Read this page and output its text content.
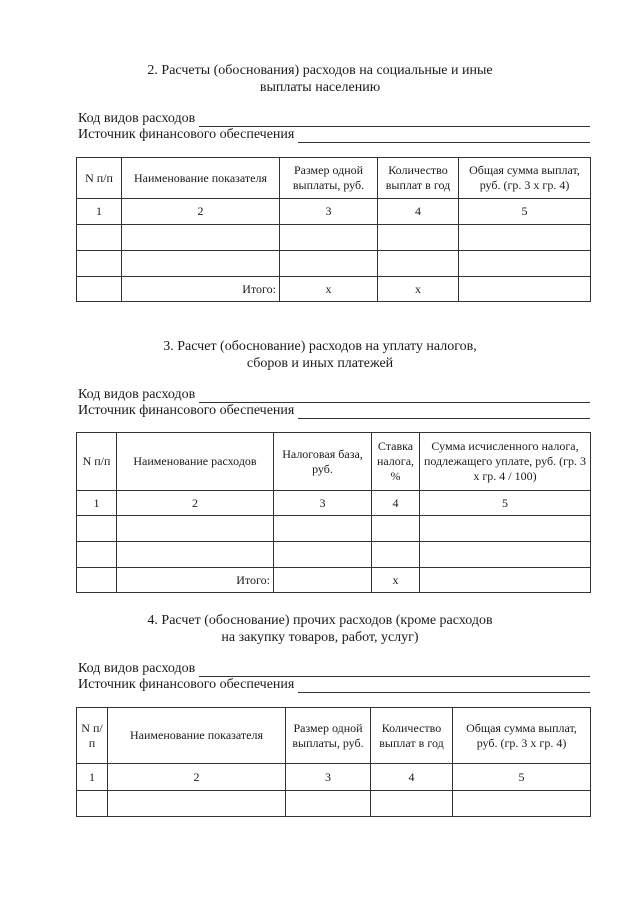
2. Расчеты (обоснования) расходов на социальные и иные
выплаты населению
Код видов расходов
Источник финансового обеспечения
N п/п	Наименование показателя	Размер одной выплаты, руб.	Количество выплат в год	Общая сумма выплат, руб. (гр. 3 x гр. 4)
1	2	3	4	5

	Итого:	x	x	
3. Расчет (обоснование) расходов на уплату налогов,
сборов и иных платежей
Код видов расходов
Источник финансового обеспечения
N п/п	Наименование расходов	Налоговая база, руб.	Ставка налога, %	Сумма исчисленного налога, подлежащего уплате, руб. (гр. 3 x гр. 4 / 100)
1	2	3	4	5

	Итого:		x	
4. Расчет (обоснование) прочих расходов (кроме расходов
на закупку товаров, работ, услуг)
Код видов расходов
Источник финансового обеспечения
N п/п	Наименование показателя	Размер одной выплаты, руб.	Количество выплат в год	Общая сумма выплат, руб. (гр. 3 x гр. 4)
1	2	3	4	5
